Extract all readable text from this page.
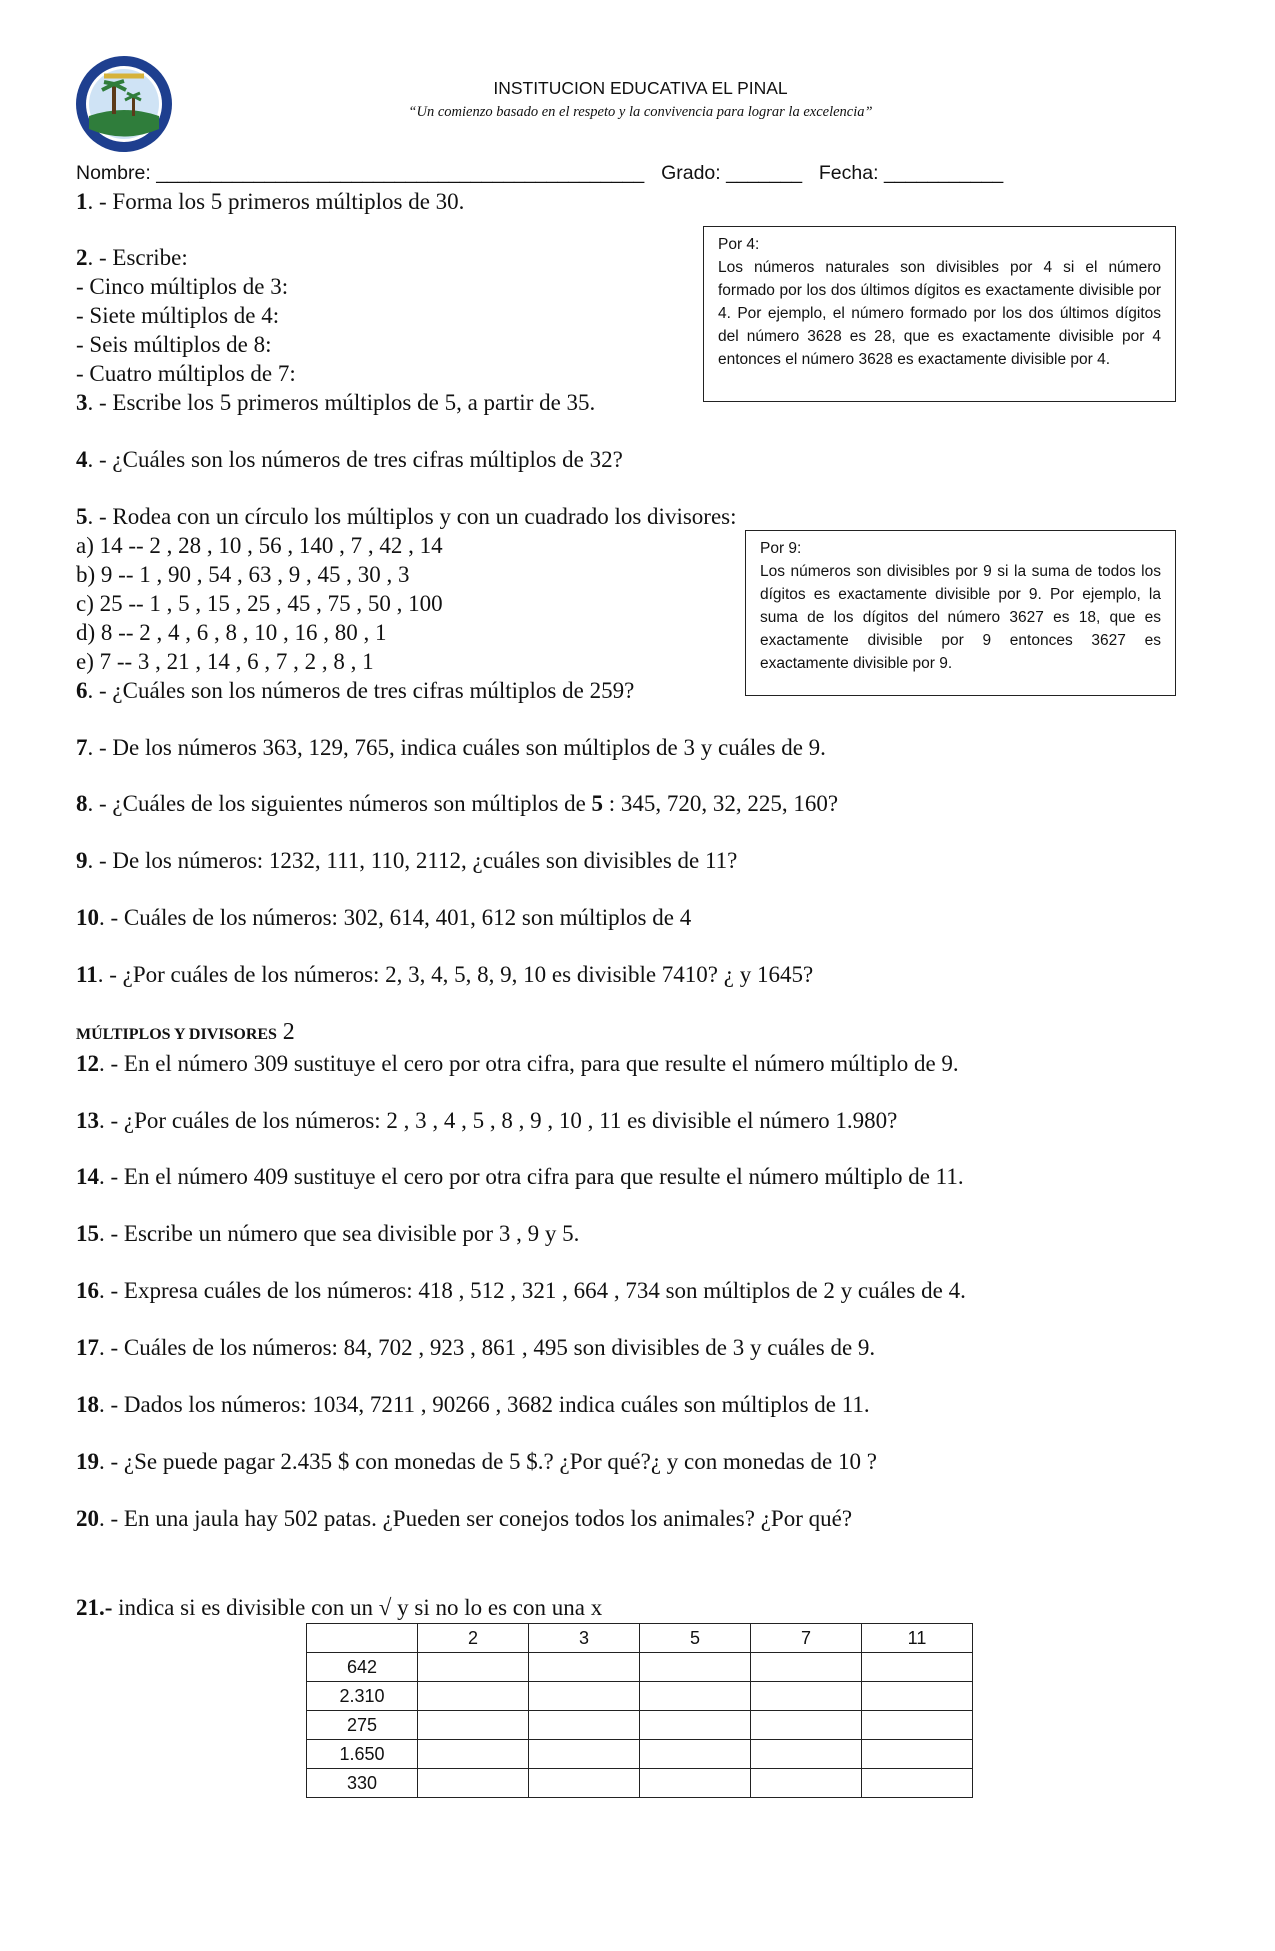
INSTITUCION EDUCATIVA EL PINAL
“Un comienzo basado en el respeto y la convivencia para lograr la excelencia”
Nombre: _____________________________________________ Grado: _______ Fecha: ___________
1. - Forma los 5 primeros múltiplos de 30.
2. - Escribe:
- Cinco múltiplos de 3:
- Siete múltiplos de 4:
- Seis múltiplos de 8:
- Cuatro múltiplos de 7:
3. - Escribe los 5 primeros múltiplos de 5, a partir de 35.
Por 4:
Los números naturales son divisibles por 4 si el número formado por los dos últimos dígitos es exactamente divisible por 4. Por ejemplo, el número formado por los dos últimos dígitos del número 3628 es 28, que es exactamente divisible por 4 entonces el número 3628 es exactamente divisible por 4.
4. - ¿Cuáles son los números de tres cifras múltiplos de 32?
5. - Rodea con un círculo los múltiplos y con un cuadrado los divisores:
a) 14 -- 2 , 28 , 10 , 56 , 140 , 7 , 42 , 14
b) 9 -- 1 , 90 , 54 , 63 , 9 , 45 , 30 , 3
c) 25 -- 1 , 5 , 15 , 25 , 45 , 75 , 50 , 100
d) 8 -- 2 , 4 , 6 , 8 , 10 , 16 , 80 , 1
e) 7 -- 3 , 21 , 14 , 6 , 7 , 2 , 8 , 1
Por 9:
Los números son divisibles por 9 si la suma de todos los dígitos es exactamente divisible por 9. Por ejemplo, la suma de los dígitos del número 3627 es 18, que es exactamente divisible por 9 entonces 3627 es exactamente divisible por 9.
6. - ¿Cuáles son los números de tres cifras múltiplos de 259?
7. - De los números 363, 129, 765, indica cuáles son múltiplos de 3 y cuáles de 9.
8. - ¿Cuáles de los siguientes números son múltiplos de 5 : 345, 720, 32, 225, 160?
9. - De los números: 1232, 111, 110, 2112, ¿cuáles son divisibles de 11?
10. - Cuáles de los números: 302, 614, 401, 612 son múltiplos de 4
11. - ¿Por cuáles de los números: 2, 3, 4, 5, 8, 9, 10 es divisible 7410? ¿ y 1645?
MÚLTIPLOS Y DIVISORES 2
12. - En el número 309 sustituye el cero por otra cifra, para que resulte el número múltiplo de 9.
13. - ¿Por cuáles de los números: 2 , 3 , 4 , 5 , 8 , 9 , 10 , 11 es divisible el número 1.980?
14. - En el número 409 sustituye el cero por otra cifra para que resulte el número múltiplo de 11.
15. - Escribe un número que sea divisible por 3 , 9 y 5.
16. - Expresa cuáles de los números: 418 , 512 , 321 , 664 , 734 son múltiplos de 2 y cuáles de 4.
17. - Cuáles de los números: 84, 702 , 923 , 861 , 495 son divisibles de 3 y cuáles de 9.
18. - Dados los números: 1034, 7211 , 90266 , 3682 indica cuáles son múltiplos de 11.
19. - ¿Se puede pagar 2.435 $ con monedas de 5 $.? ¿Por qué?¿ y con monedas de 10 ?
20. - En una jaula hay 502 patas. ¿Pueden ser conejos todos los animales? ¿Por qué?
21.- indica si es divisible con un √ y si no lo es con una x
	2	3	5	7	11
642					
2.310					
275					
1.650					
330					
